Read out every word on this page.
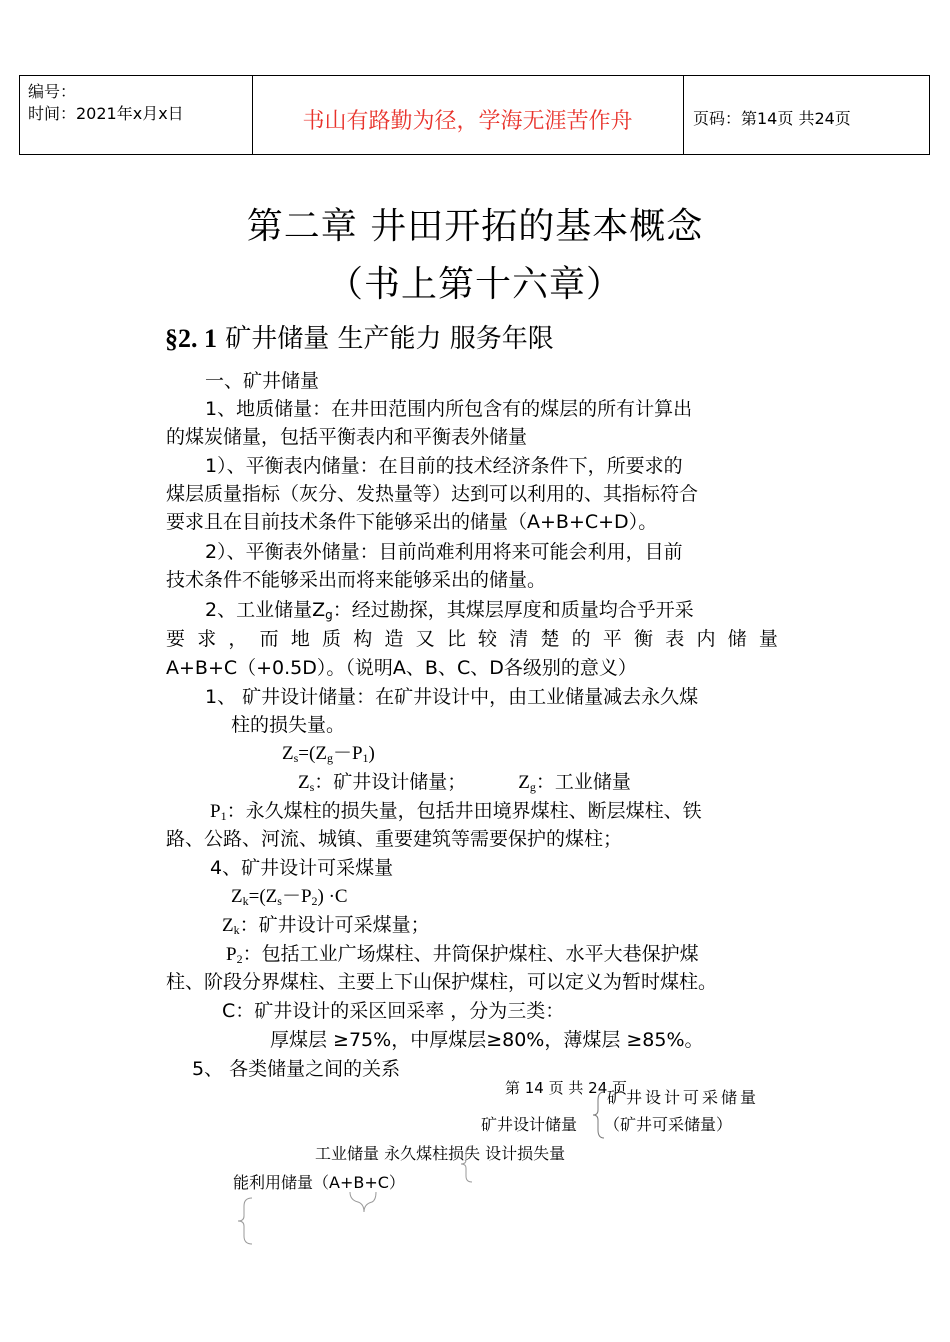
编号：
时间：2021年x月x日	书山有路勤为径，学海无涯苦作舟	页码：第14页 共24页
第二章 井田开拓的基本概念
（书上第十六章）
§2. 1 矿井储量 生产能力 服务年限
一、矿井储量
1、地质储量：在井田范围内所包含有的煤层的所有计算出
的煤炭储量，包括平衡表内和平衡表外储量
1）、平衡表内储量：在目前的技术经济条件下，所要求的
煤层质量指标（灰分、发热量等）达到可以利用的、其指标符合
要求且在目前技术条件下能够采出的储量（A+B+C+D）。
2）、平衡表外储量：目前尚难利用将来可能会利用，目前
技术条件不能够采出而将来能够采出的储量。
2、工业储量$Z_g$：经过勘探，其煤层厚度和质量均合乎开采
要 求 ， 而 地 质 构 造 又 比 较 清 楚 的 平 衡 表 内 储 量
A+B+C（+0.5D）。（说明A、B、C、D各级别的意义）
1、 矿井设计储量：在矿井设计中，由工业储量减去永久煤
柱的损失量。
$Z_s=(Z_g-P_1)$
$Z_s$：矿井设计储量；	$Z_g$：工业储量
$P_1$：永久煤柱的损失量，包括井田境界煤柱、断层煤柱、铁
路、公路、河流、城镇、重要建筑等需要保护的煤柱；
4、矿井设计可采煤量
$Z_k=(Z_s-P_2) \cdot C$
$Z_k$：矿井设计可采煤量；
$P_2$：包括工业广场煤柱、井筒保护煤柱、水平大巷保护煤
柱、阶段分界煤柱、主要上下山保护煤柱，可以定义为暂时煤柱。
C：矿井设计的采区回采率 ，分为三类：
厚煤层 ≥75%，中厚煤层≥80%，薄煤层 ≥85%。
5、 各类储量之间的关系
第 14 页 共 24 页
矿井设计可采储量
矿井设计储量 （矿井可采储量）
工业储量 永久煤柱损失 设计损失量
能利用储量（A+B+C）
